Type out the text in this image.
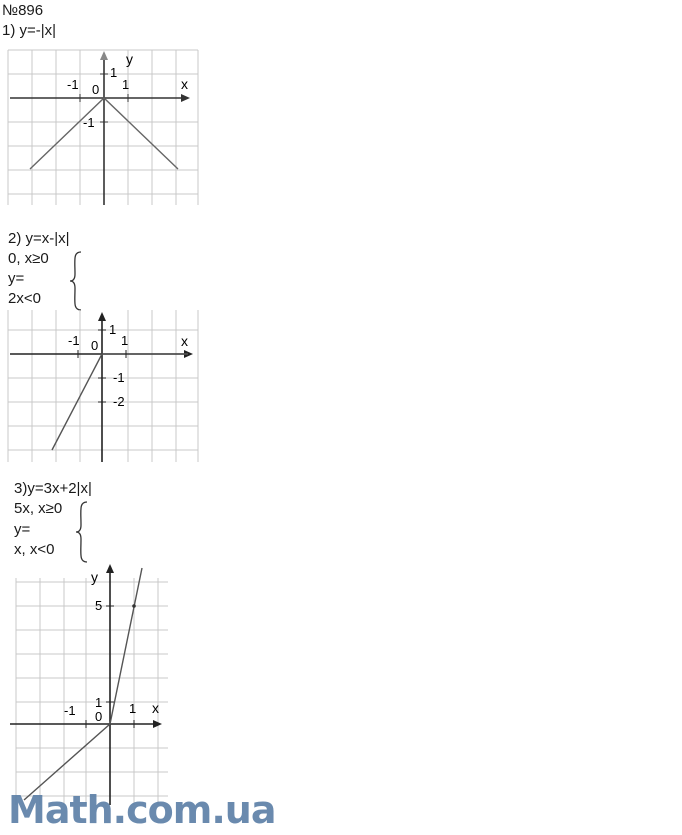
№896
1) y=-|x|
x
y
-1 0 1
1
-1
2) y=x-|x|
0, x≥0
y=
2x<0
x
-1 0 1
1
-1
-2
3)y=3x+2|x|
5x, x≥0
y=
x, x<0
x
y
-1 0
1
1
5
Math.com.ua
